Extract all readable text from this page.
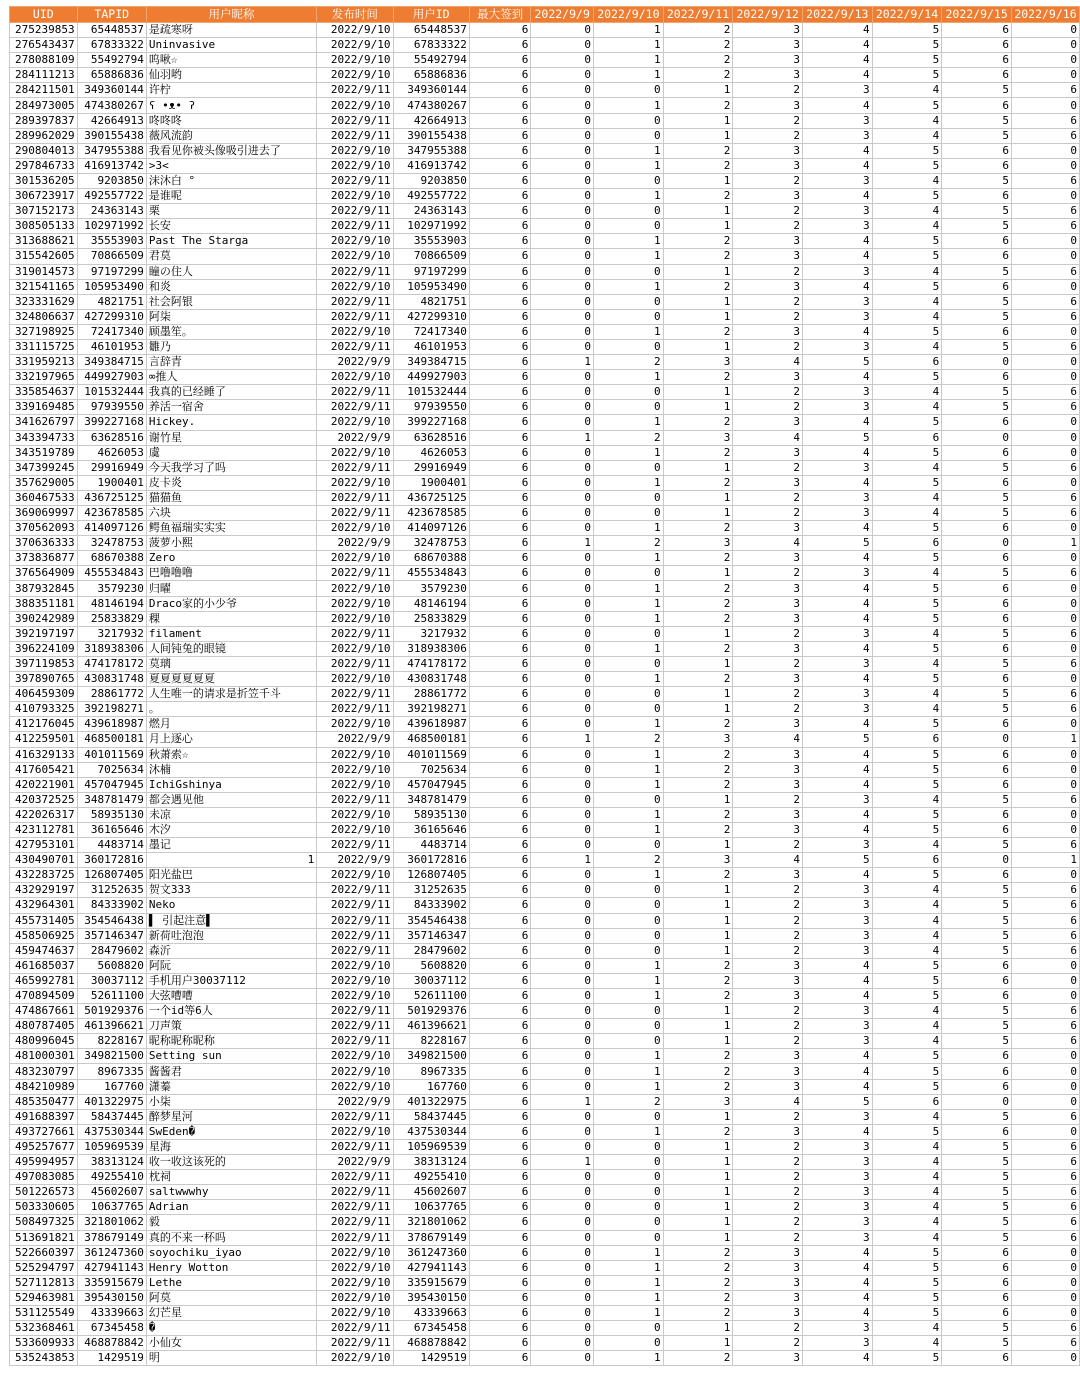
UID	TAPID	用户昵称	发布时间	用户ID	最大签到	2022/9/9	2022/9/10	2022/9/11	2022/9/12	2022/9/13	2022/9/14	2022/9/15	2022/9/16
275239853	65448537	是疏寒呀	2022/9/10	65448537	6	0	1	2	3	4	5	6	0
276543437	67833322	Uninvasive	2022/9/10	67833322	6	0	1	2	3	4	5	6	0
278088109	55492794	呜啾☆	2022/9/10	55492794	6	0	1	2	3	4	5	6	0
284111213	65886836	仙羽哟	2022/9/10	65886836	6	0	1	2	3	4	5	6	0
284211501	349360144	许柠	2022/9/11	349360144	6	0	0	1	2	3	4	5	6
284973005	474380267	ʕ •ᴥ• ʔ	2022/9/10	474380267	6	0	1	2	3	4	5	6	0
289397837	42664913	咚咚咚	2022/9/11	42664913	6	0	0	1	2	3	4	5	6
289962029	390155438	薇风流韵	2022/9/11	390155438	6	0	0	1	2	3	4	5	6
290804013	347955388	我看见你被头像吸引进去了	2022/9/10	347955388	6	0	1	2	3	4	5	6	0
297846733	416913742	>3<	2022/9/10	416913742	6	0	1	2	3	4	5	6	0
301536205	9203850	沫沐白 °	2022/9/11	9203850	6	0	0	1	2	3	4	5	6
306723917	492557722	是谁呢	2022/9/10	492557722	6	0	1	2	3	4	5	6	0
307152173	24363143	栗	2022/9/11	24363143	6	0	0	1	2	3	4	5	6
308505133	102971992	长安	2022/9/11	102971992	6	0	0	1	2	3	4	5	6
313688621	35553903	Past The Starga	2022/9/10	35553903	6	0	1	2	3	4	5	6	0
315542605	70866509	君莫	2022/9/10	70866509	6	0	1	2	3	4	5	6	0
319014573	97197299	瞳の住人	2022/9/11	97197299	6	0	0	1	2	3	4	5	6
321541165	105953490	和炎	2022/9/10	105953490	6	0	1	2	3	4	5	6	0
323331629	4821751	社会阿银	2022/9/11	4821751	6	0	0	1	2	3	4	5	6
324806637	427299310	阿柒	2022/9/11	427299310	6	0	0	1	2	3	4	5	6
327198925	72417340	顾墨笙。	2022/9/10	72417340	6	0	1	2	3	4	5	6	0
331115725	46101953	雛乃	2022/9/11	46101953	6	0	0	1	2	3	4	5	6
331959213	349384715	言辞青	2022/9/9	349384715	6	1	2	3	4	5	6	0	0
332197965	449927903	∞推人	2022/9/10	449927903	6	0	1	2	3	4	5	6	0
335854637	101532444	我真的已经睡了	2022/9/11	101532444	6	0	0	1	2	3	4	5	6
339169485	97939550	养活一宿舍	2022/9/11	97939550	6	0	0	1	2	3	4	5	6
341626797	399227168	Hickey.	2022/9/10	399227168	6	0	1	2	3	4	5	6	0
343394733	63628516	谢竹星	2022/9/9	63628516	6	1	2	3	4	5	6	0	0
343519789	4626053	虞	2022/9/10	4626053	6	0	1	2	3	4	5	6	0
347399245	29916949	今天我学习了吗	2022/9/11	29916949	6	0	0	1	2	3	4	5	6
357629005	1900401	皮卡炎	2022/9/10	1900401	6	0	1	2	3	4	5	6	0
360467533	436725125	猫猫鱼	2022/9/11	436725125	6	0	0	1	2	3	4	5	6
369069997	423678585	六块	2022/9/11	423678585	6	0	0	1	2	3	4	5	6
370562093	414097126	鳄鱼福瑞实实实	2022/9/10	414097126	6	0	1	2	3	4	5	6	0
370636333	32478753	菠萝小熙	2022/9/9	32478753	6	1	2	3	4	5	6	0	1
373836877	68670388	Zero	2022/9/10	68670388	6	0	1	2	3	4	5	6	0
376564909	455534843	巴噜噜噜	2022/9/11	455534843	6	0	0	1	2	3	4	5	6
387932845	3579230	归曜	2022/9/10	3579230	6	0	1	2	3	4	5	6	0
388351181	48146194	Draco家的小少爷	2022/9/10	48146194	6	0	1	2	3	4	5	6	0
390242989	25833829	稞	2022/9/10	25833829	6	0	1	2	3	4	5	6	0
392197197	3217932	filament	2022/9/11	3217932	6	0	0	1	2	3	4	5	6
396224109	318938306	人间钝兔的眼镜	2022/9/10	318938306	6	0	1	2	3	4	5	6	0
397119853	474178172	莫璃	2022/9/11	474178172	6	0	0	1	2	3	4	5	6
397890765	430831748	夏夏夏夏夏夏	2022/9/10	430831748	6	0	1	2	3	4	5	6	0
406459309	28861772	人生唯一的请求是折笠千斗	2022/9/11	28861772	6	0	0	1	2	3	4	5	6
410793325	392198271	。	2022/9/11	392198271	6	0	0	1	2	3	4	5	6
412176045	439618987	燃月	2022/9/10	439618987	6	0	1	2	3	4	5	6	0
412259501	468500181	月上逐心	2022/9/9	468500181	6	1	2	3	4	5	6	0	1
416329133	401011569	秋萧索☆	2022/9/10	401011569	6	0	1	2	3	4	5	6	0
417605421	7025634	沐楠	2022/9/10	7025634	6	0	1	2	3	4	5	6	0
420221901	457047945	IchiGshinya	2022/9/10	457047945	6	0	1	2	3	4	5	6	0
420372525	348781479	都会遇见他	2022/9/11	348781479	6	0	0	1	2	3	4	5	6
422026317	58935130	未凉	2022/9/10	58935130	6	0	1	2	3	4	5	6	0
423112781	36165646	木汐	2022/9/10	36165646	6	0	1	2	3	4	5	6	0
427953101	4483714	墨记	2022/9/11	4483714	6	0	0	1	2	3	4	5	6
430490701	360172816	1	2022/9/9	360172816	6	1	2	3	4	5	6	0	1
432283725	126807405	阳光盐巴	2022/9/10	126807405	6	0	1	2	3	4	5	6	0
432929197	31252635	贺文333	2022/9/11	31252635	6	0	0	1	2	3	4	5	6
432964301	84333902	Neko	2022/9/11	84333902	6	0	0	1	2	3	4	5	6
455731405	354546438	▌ 引起注意▌	2022/9/11	354546438	6	0	0	1	2	3	4	5	6
458506925	357146347	新荷吐泡泡	2022/9/11	357146347	6	0	0	1	2	3	4	5	6
459474637	28479602	森沂	2022/9/11	28479602	6	0	0	1	2	3	4	5	6
461685037	5608820	阿阮	2022/9/10	5608820	6	0	1	2	3	4	5	6	0
465992781	30037112	手机用户30037112	2022/9/10	30037112	6	0	1	2	3	4	5	6	0
470894509	52611100	大弦嘈嘈	2022/9/10	52611100	6	0	1	2	3	4	5	6	0
474867661	501929376	一个id等6人	2022/9/11	501929376	6	0	0	1	2	3	4	5	6
480787405	461396621	刀声策	2022/9/11	461396621	6	0	0	1	2	3	4	5	6
480996045	8228167	昵称昵称昵称	2022/9/11	8228167	6	0	0	1	2	3	4	5	6
481000301	349821500	Setting sun	2022/9/10	349821500	6	0	1	2	3	4	5	6	0
483230797	8967335	酱酱君	2022/9/10	8967335	6	0	1	2	3	4	5	6	0
484210989	167760	潇蓁	2022/9/10	167760	6	0	1	2	3	4	5	6	0
485350477	401322975	小柒	2022/9/9	401322975	6	1	2	3	4	5	6	0	0
491688397	58437445	醉梦星河	2022/9/11	58437445	6	0	0	1	2	3	4	5	6
493727661	437530344	SwEden�	2022/9/10	437530344	6	0	1	2	3	4	5	6	0
495257677	105969539	星海	2022/9/11	105969539	6	0	0	1	2	3	4	5	6
495994957	38313124	收一收这该死的	2022/9/9	38313124	6	1	0	1	2	3	4	5	6
497083085	49255410	枕祠	2022/9/11	49255410	6	0	0	1	2	3	4	5	6
501226573	45602607	saltwwwhy	2022/9/11	45602607	6	0	0	1	2	3	4	5	6
503330605	10637765	Adrian	2022/9/11	10637765	6	0	0	1	2	3	4	5	6
508497325	321801062	毅	2022/9/11	321801062	6	0	0	1	2	3	4	5	6
513691821	378679149	真的不来一杯吗	2022/9/11	378679149	6	0	0	1	2	3	4	5	6
522660397	361247360	soyochiku_iyao	2022/9/10	361247360	6	0	1	2	3	4	5	6	0
525294797	427941143	Henry Wotton	2022/9/10	427941143	6	0	1	2	3	4	5	6	0
527112813	335915679	Lethe	2022/9/10	335915679	6	0	1	2	3	4	5	6	0
529463981	395430150	阿莫	2022/9/10	395430150	6	0	1	2	3	4	5	6	0
531125549	43339663	幻芒星	2022/9/10	43339663	6	0	1	2	3	4	5	6	0
532368461	67345458	�	2022/9/11	67345458	6	0	0	1	2	3	4	5	6
533609933	468878842	小仙女	2022/9/11	468878842	6	0	0	1	2	3	4	5	6
535243853	1429519	明	2022/9/10	1429519	6	0	1	2	3	4	5	6	0
